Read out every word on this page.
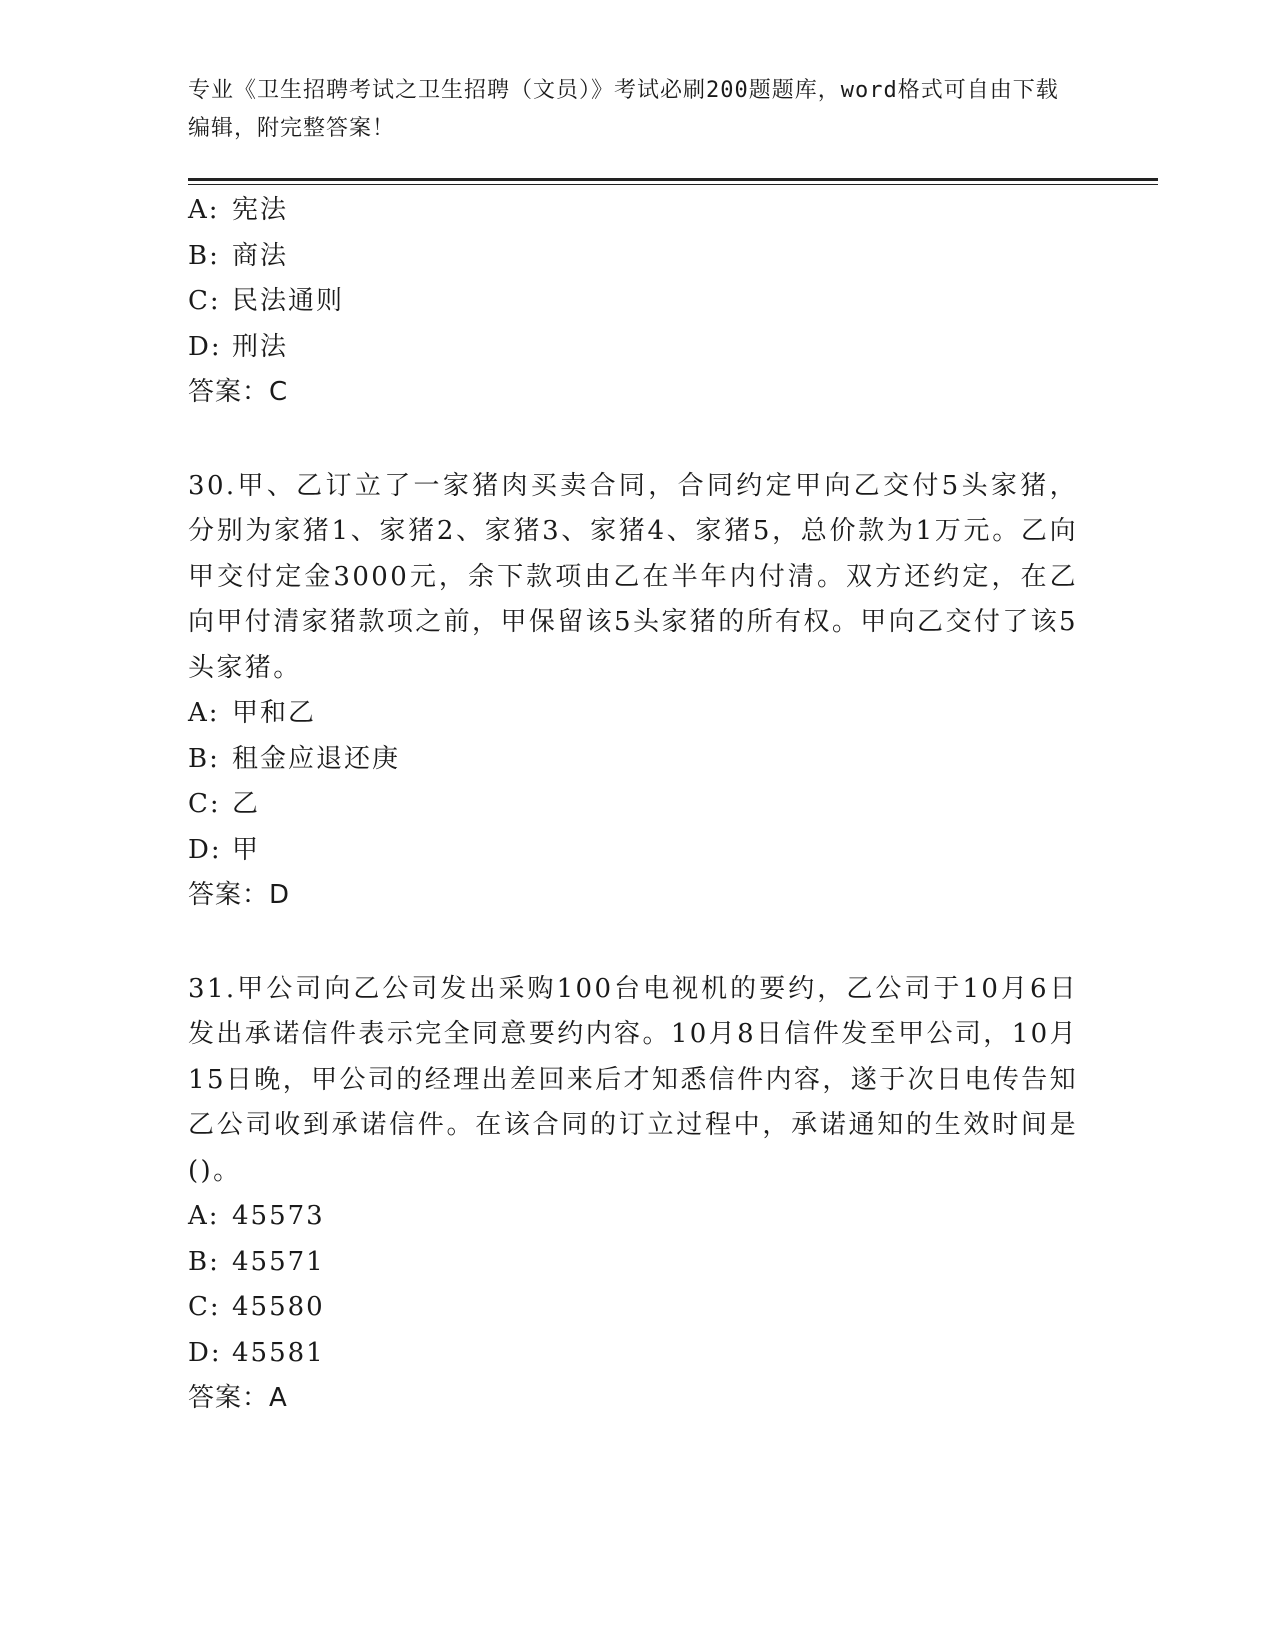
专业《卫生招聘考试之卫生招聘（文员）》考试必刷200题题库，word格式可自由下载编辑，附完整答案！
A: 宪法
B: 商法
C: 民法通则
D: 刑法
答案：C
30.甲、乙订立了一家猪肉买卖合同，合同约定甲向乙交付5头家猪，分别为家猪1、家猪2、家猪3、家猪4、家猪5，总价款为1万元。乙向甲交付定金3000元，余下款项由乙在半年内付清。双方还约定，在乙向甲付清家猪款项之前，甲保留该5头家猪的所有权。甲向乙交付了该5头家猪。
A: 甲和乙
B: 租金应退还庚
C: 乙
D: 甲
答案：D
31.甲公司向乙公司发出采购100台电视机的要约，乙公司于10月6日发出承诺信件表示完全同意要约内容。10月8日信件发至甲公司，10月15日晚，甲公司的经理出差回来后才知悉信件内容，遂于次日电传告知乙公司收到承诺信件。在该合同的订立过程中，承诺通知的生效时间是()。
A: 45573
B: 45571
C: 45580
D: 45581
答案：A
